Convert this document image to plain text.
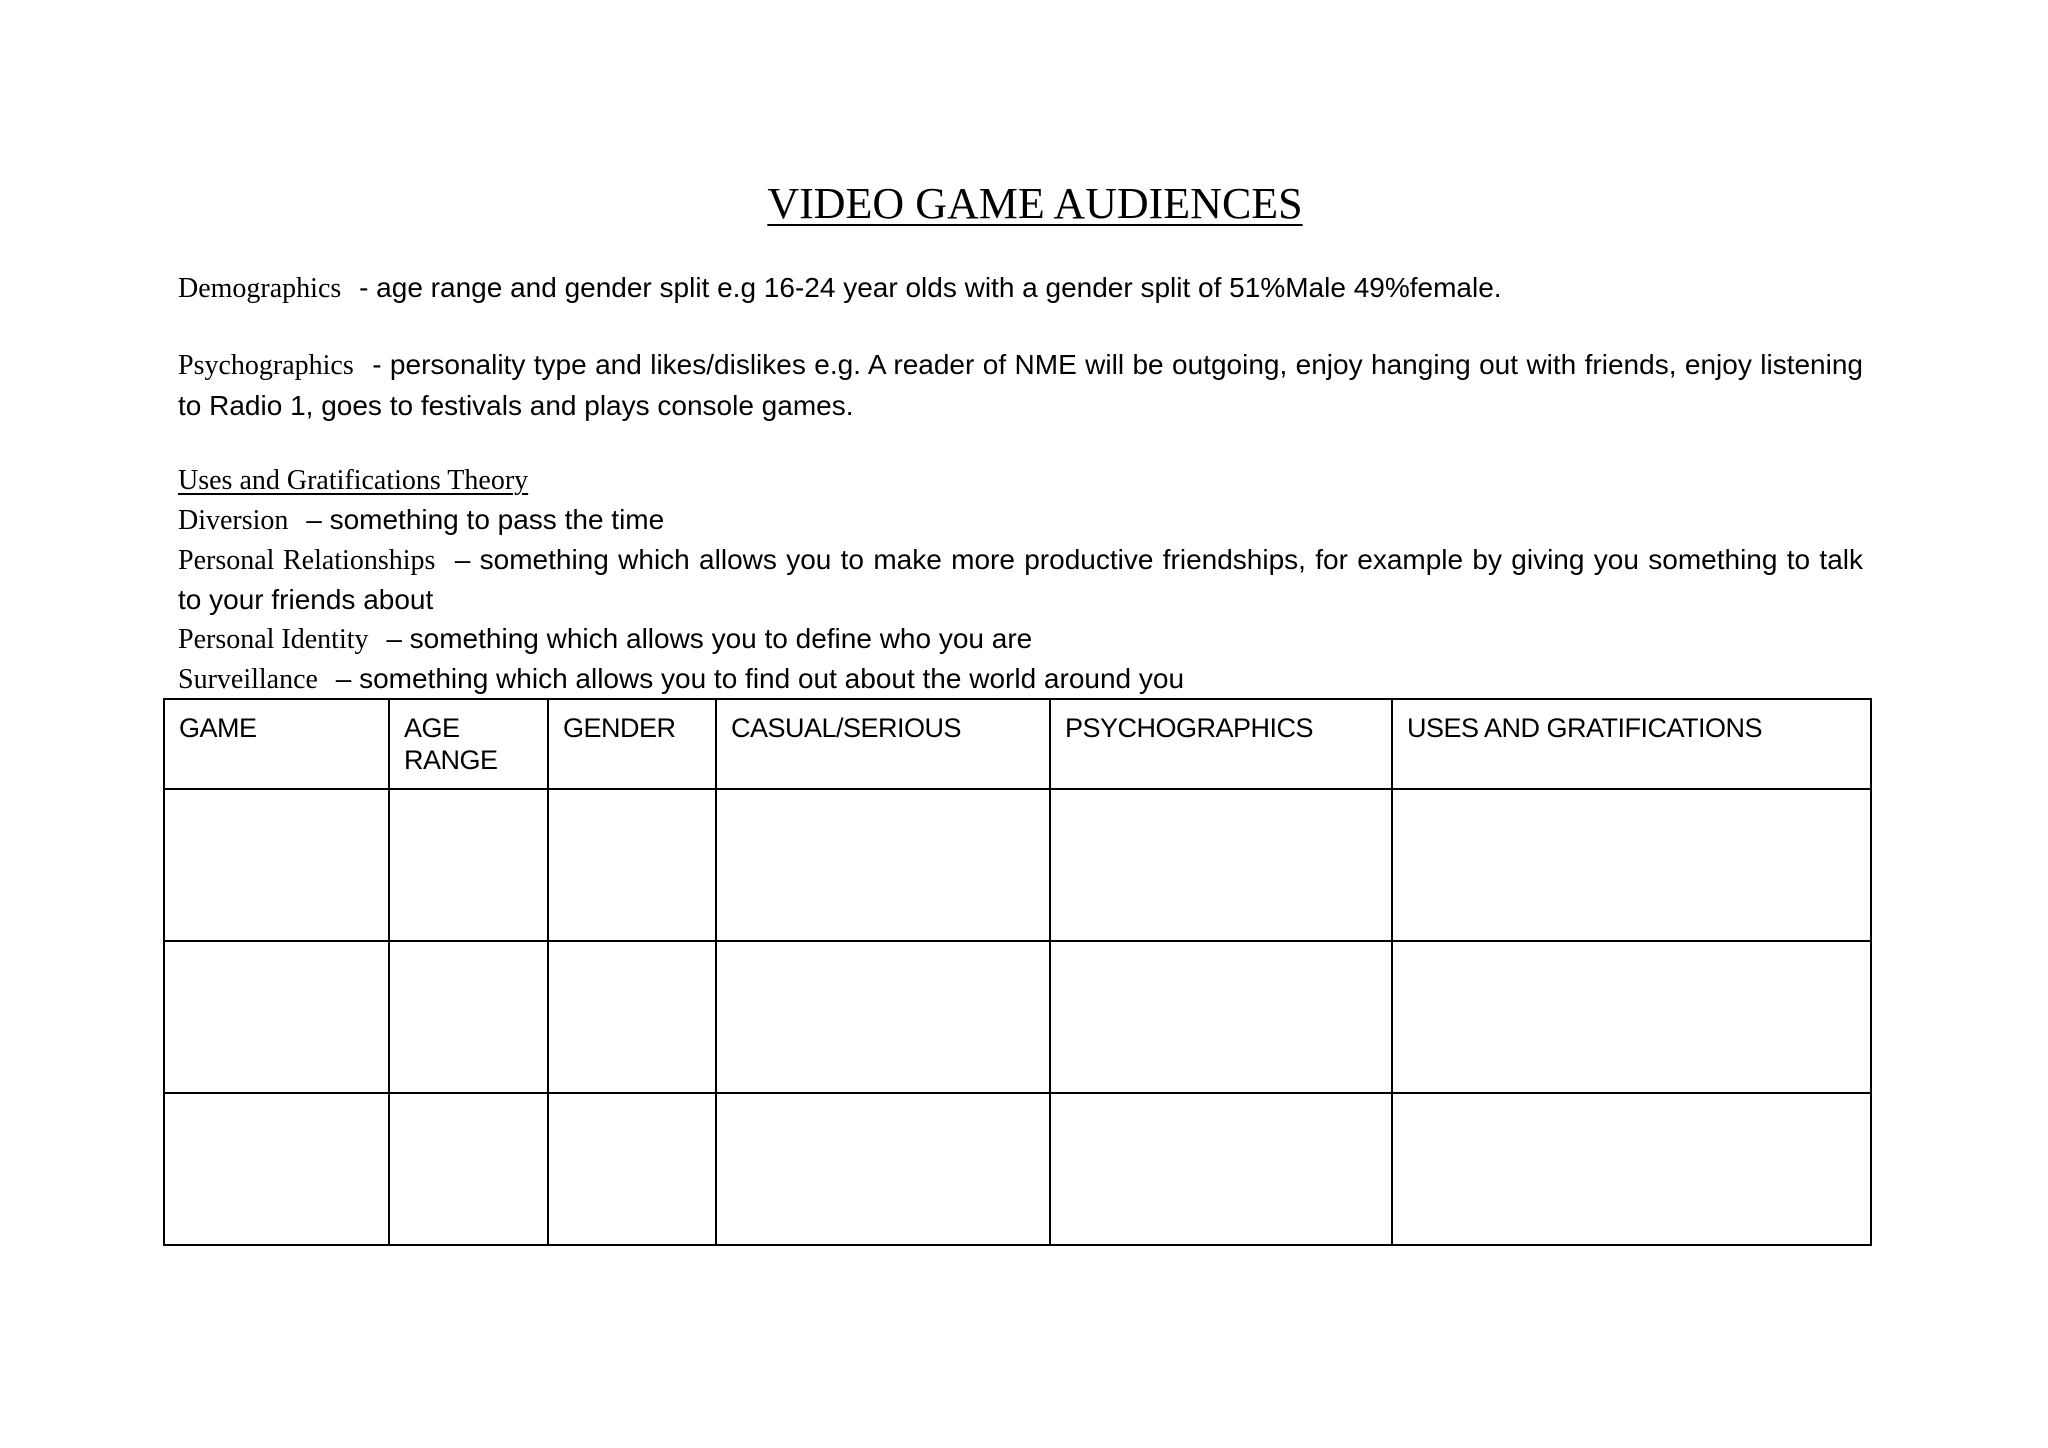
VIDEO GAME AUDIENCES

Demographics - age range and gender split e.g 16-24 year olds with a gender split of 51%Male 49%female.

Psychographics - personality type and likes/dislikes e.g. A reader of NME will be outgoing, enjoy hanging out with friends, enjoy listening to Radio 1, goes to festivals and plays console games.

Uses and Gratifications Theory
Diversion – something to pass the time
Personal Relationships – something which allows you to make more productive friendships, for example by giving you something to talk to your friends about
Personal Identity – something which allows you to define who you are
Surveillance – something which allows you to find out about the world around you
GAME	AGE RANGE	GENDER	CASUAL/SERIOUS	PSYCHOGRAPHICS	USES AND GRATIFICATIONS
